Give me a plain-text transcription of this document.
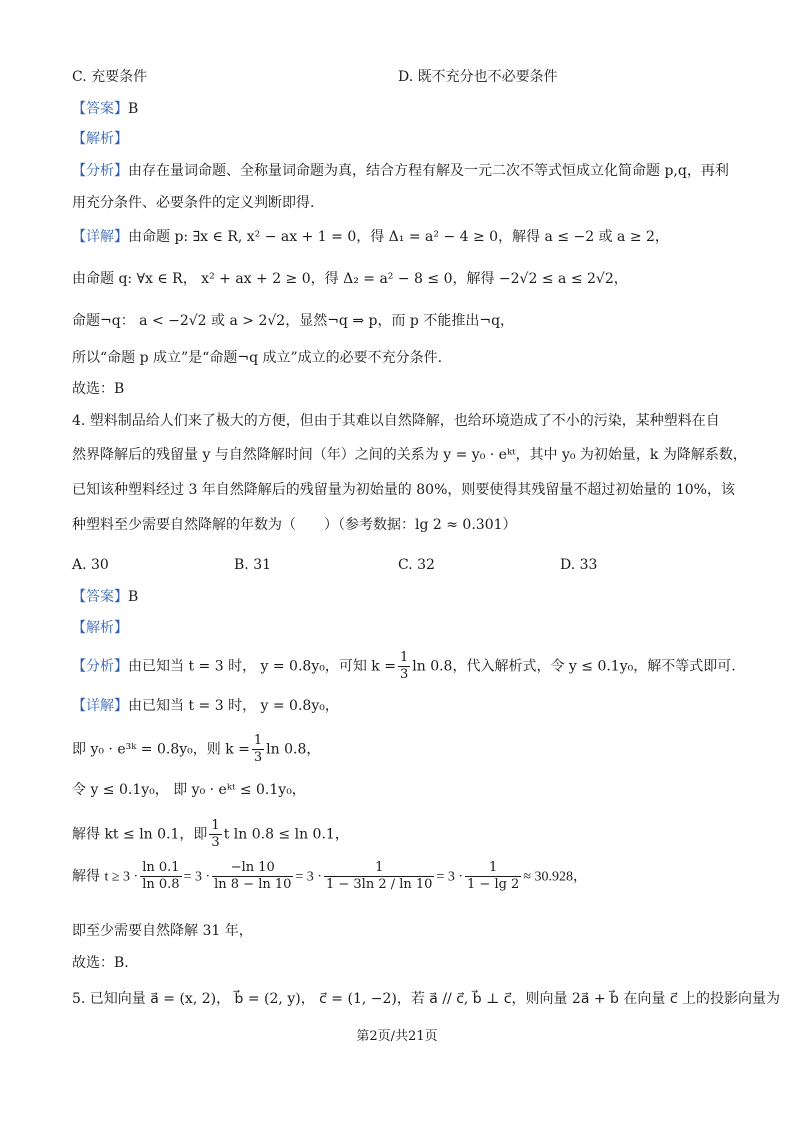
C. 充要条件	D. 既不充分也不必要条件
【答案】B
【解析】
【分析】由存在量词命题、全称量词命题为真，结合方程有解及一元二次不等式恒成立化简命题 p,q，再利
用充分条件、必要条件的定义判断即得.
【详解】由命题 p: ∃x ∈ R, x² − ax + 1 = 0，得 Δ₁ = a² − 4 ≥ 0，解得 a ≤ −2 或 a ≥ 2，
由命题 q: ∀x ∈ R， x² + ax + 2 ≥ 0，得 Δ₂ = a² − 8 ≤ 0，解得 −2√2 ≤ a ≤ 2√2，
命题¬q： a < −2√2 或 a > 2√2，显然¬q ⇒ p，而 p 不能推出¬q，
所以“命题 p 成立”是“命题¬q 成立”成立的必要不充分条件.
故选：B
4. 塑料制品给人们来了极大的方便，但由于其难以自然降解，也给环境造成了不小的污染，某种塑料在自
然界降解后的残留量 y 与自然降解时间（年）之间的关系为 y = y₀ · eᵏᵗ，其中 y₀ 为初始量，k 为降解系数，
已知该种塑料经过 3 年自然降解后的残留量为初始量的 80%，则要使得其残留量不超过初始量的 10%，该
种塑料至少需要自然降解的年数为（　　）（参考数据：lg 2 ≈ 0.301）
A. 30	B. 31	C. 32	D. 33
【答案】B
【解析】
【分析】由已知当 t = 3 时， y = 0.8y₀，可知 $k = \frac{1}{3}$ ln 0.8，代入解析式，令 y ≤ 0.1y₀，解不等式即可.
【详解】由已知当 t = 3 时， y = 0.8y₀，
即 y₀ · e³ᵏ = 0.8y₀，则 $k = \frac{1}{3}$ ln 0.8，
令 y ≤ 0.1y₀， 即 y₀ · eᵏᵗ ≤ 0.1y₀，
解得 kt ≤ ln 0.1，即 $\frac{1}{3}$ t ln 0.8 ≤ ln 0.1，
解得 $t \ge 3 \cdot \frac{\ln 0.1}{\ln 0.8} = 3 \cdot \frac{-\ln 10}{\ln 8 - \ln 10} = 3 \cdot \frac{1}{1 - 3\ln 2 / \ln 10} = 3 \cdot \frac{1}{1 - \lg 2} \approx 30.928$，
即至少需要自然降解 31 年，
故选：B.
5. 已知向量 a⃗ = (x, 2)， b⃗ = (2, y)， c⃗ = (1, −2)，若 a⃗ // c⃗, b⃗ ⊥ c⃗，则向量 2a⃗ + b⃗ 在向量 c⃗ 上的投影向量为
第2页/共21页
